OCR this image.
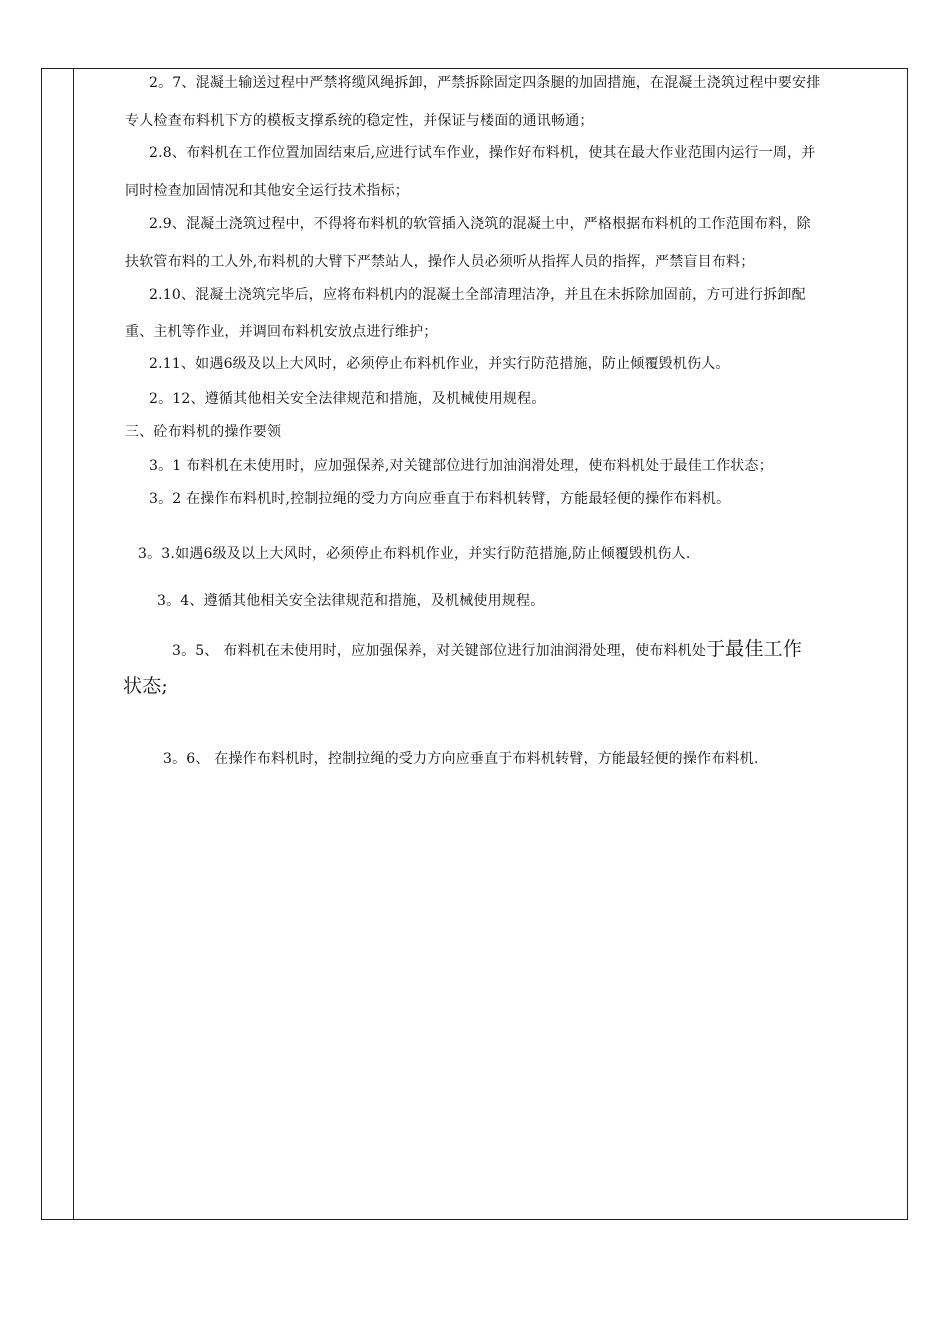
2。7、混凝土输送过程中严禁将缆风绳拆卸，严禁拆除固定四条腿的加固措施，在混凝土浇筑过程中要安排
专人检查布料机下方的模板支撑系统的稳定性，并保证与楼面的通讯畅通；
2.8、布料机在工作位置加固结束后,应进行试车作业，操作好布料机，使其在最大作业范围内运行一周，并
同时检查加固情况和其他安全运行技术指标；
2.9、混凝土浇筑过程中，不得将布料机的软管插入浇筑的混凝土中，严格根据布料机的工作范围布料，除
扶软管布料的工人外,布料机的大臂下严禁站人，操作人员必须听从指挥人员的指挥，严禁盲目布料；
2.10、混凝土浇筑完毕后，应将布料机内的混凝土全部清理洁净，并且在未拆除加固前，方可进行拆卸配
重、主机等作业，并调回布料机安放点进行维护；
2.11、如遇6级及以上大风时，必须停止布料机作业，并实行防范措施，防止倾覆毁机伤人。
2。12、遵循其他相关安全法律规范和措施，及机械使用规程。
三、砼布料机的操作要领
3。1 布料机在未使用时，应加强保养,对关键部位进行加油润滑处理，使布料机处于最佳工作状态；
3。2 在操作布料机时,控制拉绳的受力方向应垂直于布料机转臂，方能最轻便的操作布料机。
3。3.如遇6级及以上大风时，必须停止布料机作业，并实行防范措施,防止倾覆毁机伤人.
3。4、遵循其他相关安全法律规范和措施，及机械使用规程。
3。5、 布料机在未使用时，应加强保养，对关键部位进行加油润滑处理，使布料机处于最佳工作
状态;
3。6、 在操作布料机时，控制拉绳的受力方向应垂直于布料机转臂，方能最轻便的操作布料机.
